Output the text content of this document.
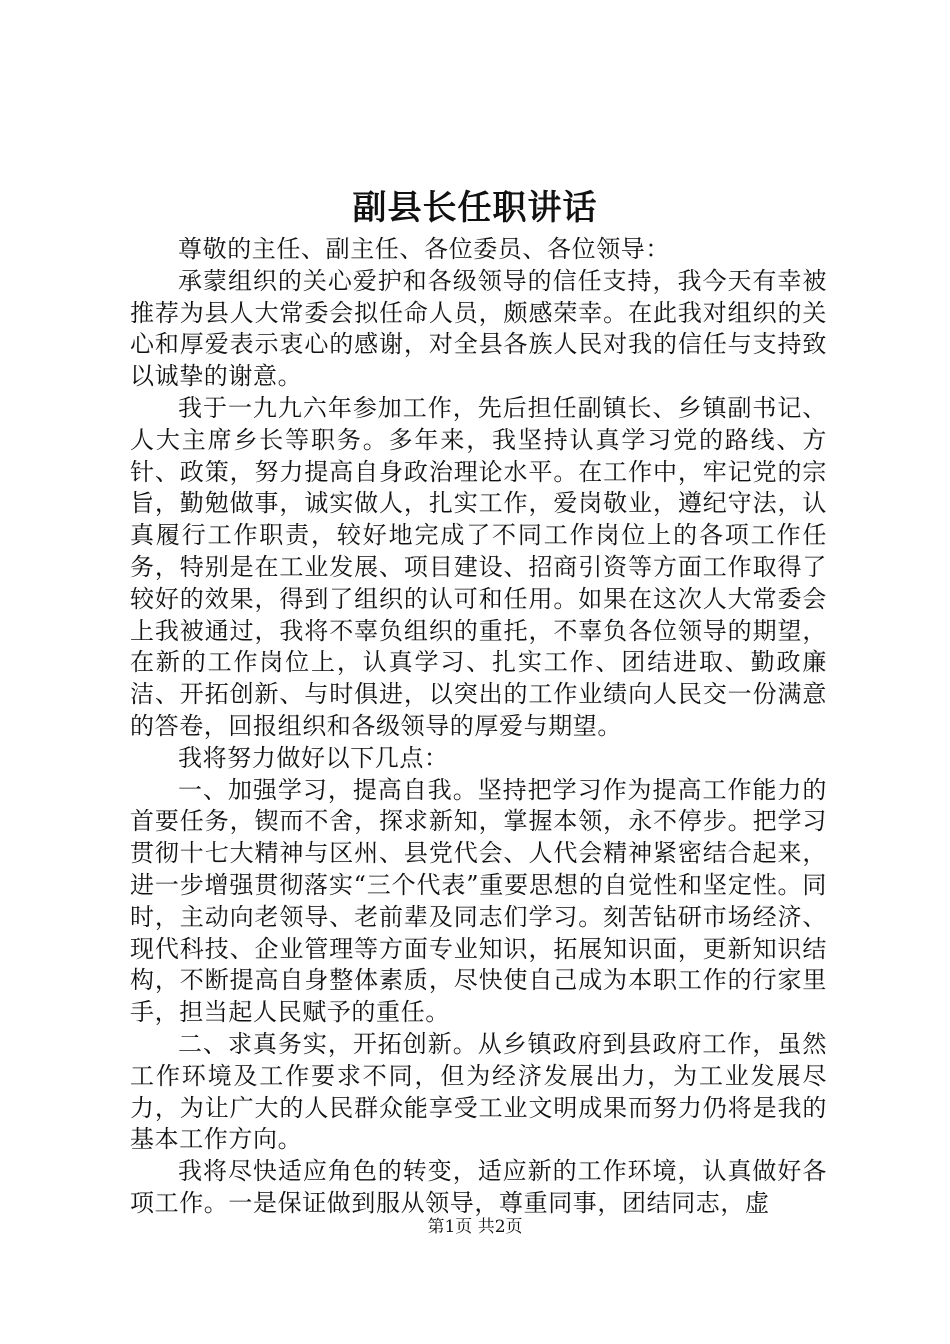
副县长任职讲话

尊敬的主任、副主任、各位委员、各位领导：

承蒙组织的关心爱护和各级领导的信任支持，我今天有幸被推荐为县人大常委会拟任命人员，颇感荣幸。在此我对组织的关心和厚爱表示衷心的感谢，对全县各族人民对我的信任与支持致以诚挚的谢意。

我于一九九六年参加工作，先后担任副镇长、乡镇副书记、人大主席乡长等职务。多年来，我坚持认真学习党的路线、方针、政策，努力提高自身政治理论水平。在工作中，牢记党的宗旨，勤勉做事，诚实做人，扎实工作，爱岗敬业，遵纪守法，认真履行工作职责，较好地完成了不同工作岗位上的各项工作任务，特别是在工业发展、项目建设、招商引资等方面工作取得了较好的效果，得到了组织的认可和任用。如果在这次人大常委会上我被通过，我将不辜负组织的重托，不辜负各位领导的期望，在新的工作岗位上，认真学习、扎实工作、团结进取、勤政廉洁、开拓创新、与时俱进，以突出的工作业绩向人民交一份满意的答卷，回报组织和各级领导的厚爱与期望。

我将努力做好以下几点：

一、加强学习，提高自我。坚持把学习作为提高工作能力的首要任务，锲而不舍，探求新知，掌握本领，永不停步。把学习贯彻十七大精神与区州、县党代会、人代会精神紧密结合起来，进一步增强贯彻落实“三个代表”重要思想的自觉性和坚定性。同时，主动向老领导、老前辈及同志们学习。刻苦钻研市场经济、现代科技、企业管理等方面专业知识，拓展知识面，更新知识结构，不断提高自身整体素质，尽快使自己成为本职工作的行家里手，担当起人民赋予的重任。

二、求真务实，开拓创新。从乡镇政府到县政府工作，虽然工作环境及工作要求不同，但为经济发展出力，为工业发展尽力，为让广大的人民群众能享受工业文明成果而努力仍将是我的基本工作方向。

我将尽快适应角色的转变，适应新的工作环境，认真做好各项工作。一是保证做到服从领导，尊重同事，团结同志，虚

第1页 共2页
